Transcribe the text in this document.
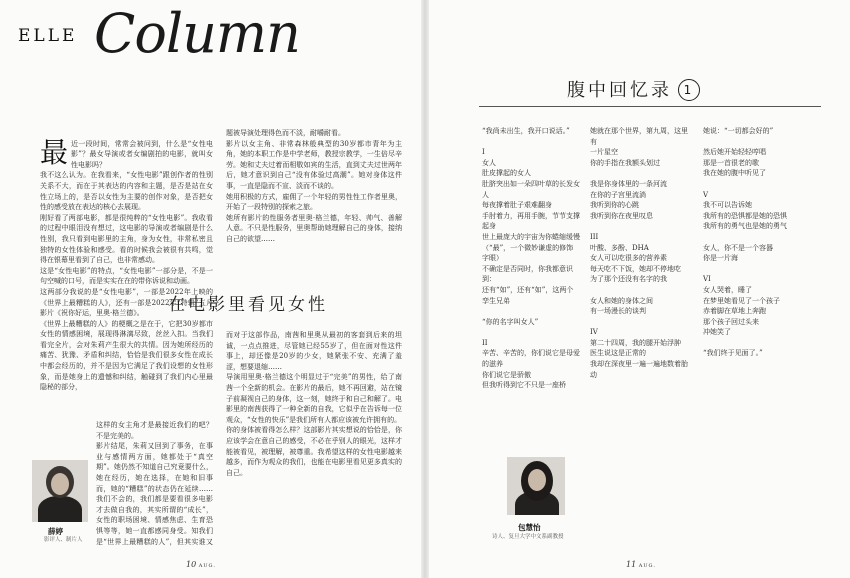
ELLE Column

最近一段时间，常常会被问到，什么是“女性电影”？最女导演或者女编剧拍的电影，就叫女性电影吗？
我不这么认为。在我看来，“女性电影”跟创作者的性别关系不大，而在于其表达的内容和主题，是否是站在女性立场上的，是否以女性为主要的创作对象，是否把女性的感受放在表达的核心去展现。
刚好看了两部电影，都是很纯粹的“女性电影”。我收看的过程中眼泪没有想过，这电影的导演或者编剧是什么性别，我只看到电影里的主角，身为女性，非常私密且独特的女性体验和感受。看的时候我会被很有共鸣，觉得在银幕里看到了自己，也非常感动。
这是“女性电影”的特点，“女性电影”一部分是，不是一句空喊的口号，而是实实在在的带你诉说和动画。
这两部分我说的是“女性电影”，一部是2022年上映的《世界上最糟糕的人》，还有一部是2022年“特辑”五月影片《祝你好运，里奥·格兰德》。
《世界上最糟糕的人》的梗概之是在于，它把30岁都市女性的情感困境，展现得淋漓尽致，丝丝入扣。当我们看完全片，会对朱莉产生很大的共情。因为她所经历的痛苦、犹豫、矛盾和纠结，恰恰是我们很多女性在成长中都会经历的，并不是因为它满足了我们设想的女性形象，而是她身上的遗憾和纠结，触碰到了我们内心里最隐秘的部分，

题被导演处理得色而不淡，耐嚼耐看。
影片以女主角、非常森林般典型的30岁都市青年为主角，她的本职工作是中学老师，教授宗教学，一生倍尽辛劳。她和丈夫过着而相敬如宾的生活，直到丈夫过世两年后，她才意识到自己“没有体验过高潮”。她对身体这件事，一直是隐而不宣、淡而不谈的。
她用积极的方式，雇佣了一个年轻的男性性工作者里奥，开始了一段特别的探索之旅。
她所有影片的性服务者里奥·格兰德，年轻、帅气、善解人意。不只是性服务，里奥帮助她理解自己的身体，接纳自己的欲望……
在电影里看见女性
这样的女主角才是最接近我们的吧？不是完美的。
影片结尾，朱莉又回到了事务，在事业与感情两方面，她都处于“真空期”。她仍然不知道自己究竟要什么，她在经历，她在选择，在她和旧事而，她的“糟糕”的状态仍在延续……我们不会的，我们都是要看很多电影才去做自我的，其实所谓的“成长”，女性的职场困境、情感焦虑、生育恐惧等等，她一直都感同身受。知我们是“世界上最糟糕的人”，但其实谁又

而对于这部作品，南茜和里奥从最初的客套到后来的坦诚，一点点推进，尽管她已经55岁了，但在面对性这件事上，却还像是20岁的少女，她紧张不安、充满了羞涩，想要退缩……
导演用里奥·格兰德这个明显过于“完美”的男性，给了南茜一个全新的机会。在影片的最后，她不再回避，站在镜子前凝视自己的身体，这一刻，她终于和自己和解了。电影里的南茜获得了一种全新的自我，它似乎在告诉每一位观众，“女性的快乐”是我们所有人都应该被允许拥有的。
你的身体被看得怎么样？这部影片其实想说的恰恰是，你应该学会在意自己的感受，不必在乎别人的眼光，这样才能被看见，被理解，被尊重。我希望这样的女性电影越来越多，而作为观众的我们，也能在电影里看见更多真实的自己。
薛婷
影评人、制片人
10 AUG.
腹中回忆录 1
“我尚未出生，我开口说话。”

I
女人
肚皮撑起的女人
肚脐突出如一朵四叶草的长发女人
每夜撑着肚子艰难翻身
手肘着力，再用手腕，节节支撑起身
世上最庞大的宇宙为你蜷缩缓慢
（“最”，一个微妙谦虚的修饰字眼）
不确定是否同时，你我都意识到：
还有“如”，还有“如”，这两个孪生兄弟

“你的名字叫女人”

II
辛苦、辛苦的，你们说它是母爱的滋养
你们说它是骄傲
但我听得到它不只是一座桥
她就在那个世界，第九周，这里有
一片星空
你的手指在我额头划过

我是你身体里的一条河流
在你的子宫里流淌
我听到你的心跳
我听到你在夜里叹息

III
叶酸、多酚、DHA
女人可以吃很多的营养素
每天吃不下饭，她却不停地吃
为了那个还没有名字的我

女人和她的身体之间
有一场漫长的谈判

IV
第二十四周，我的腿开始浮肿
医生说这是正常的
我却在深夜里一遍一遍地数着胎动
她说：“一切都会好的”

然后她开始轻轻哼唱
那是一首很老的歌
我在她的腹中听见了

V
我不可以告诉她
我所有的恐惧都是她的恐惧
我所有的勇气也是她的勇气

女人，你不是一个容器
你是一片海

VI
女人哭着，睡了
在梦里她看见了一个孩子
赤着脚在草地上奔跑
那个孩子回过头来
冲她笑了

“我们终于见面了。”
包慧怡
诗人、复旦大学中文系副教授
11 AUG.
